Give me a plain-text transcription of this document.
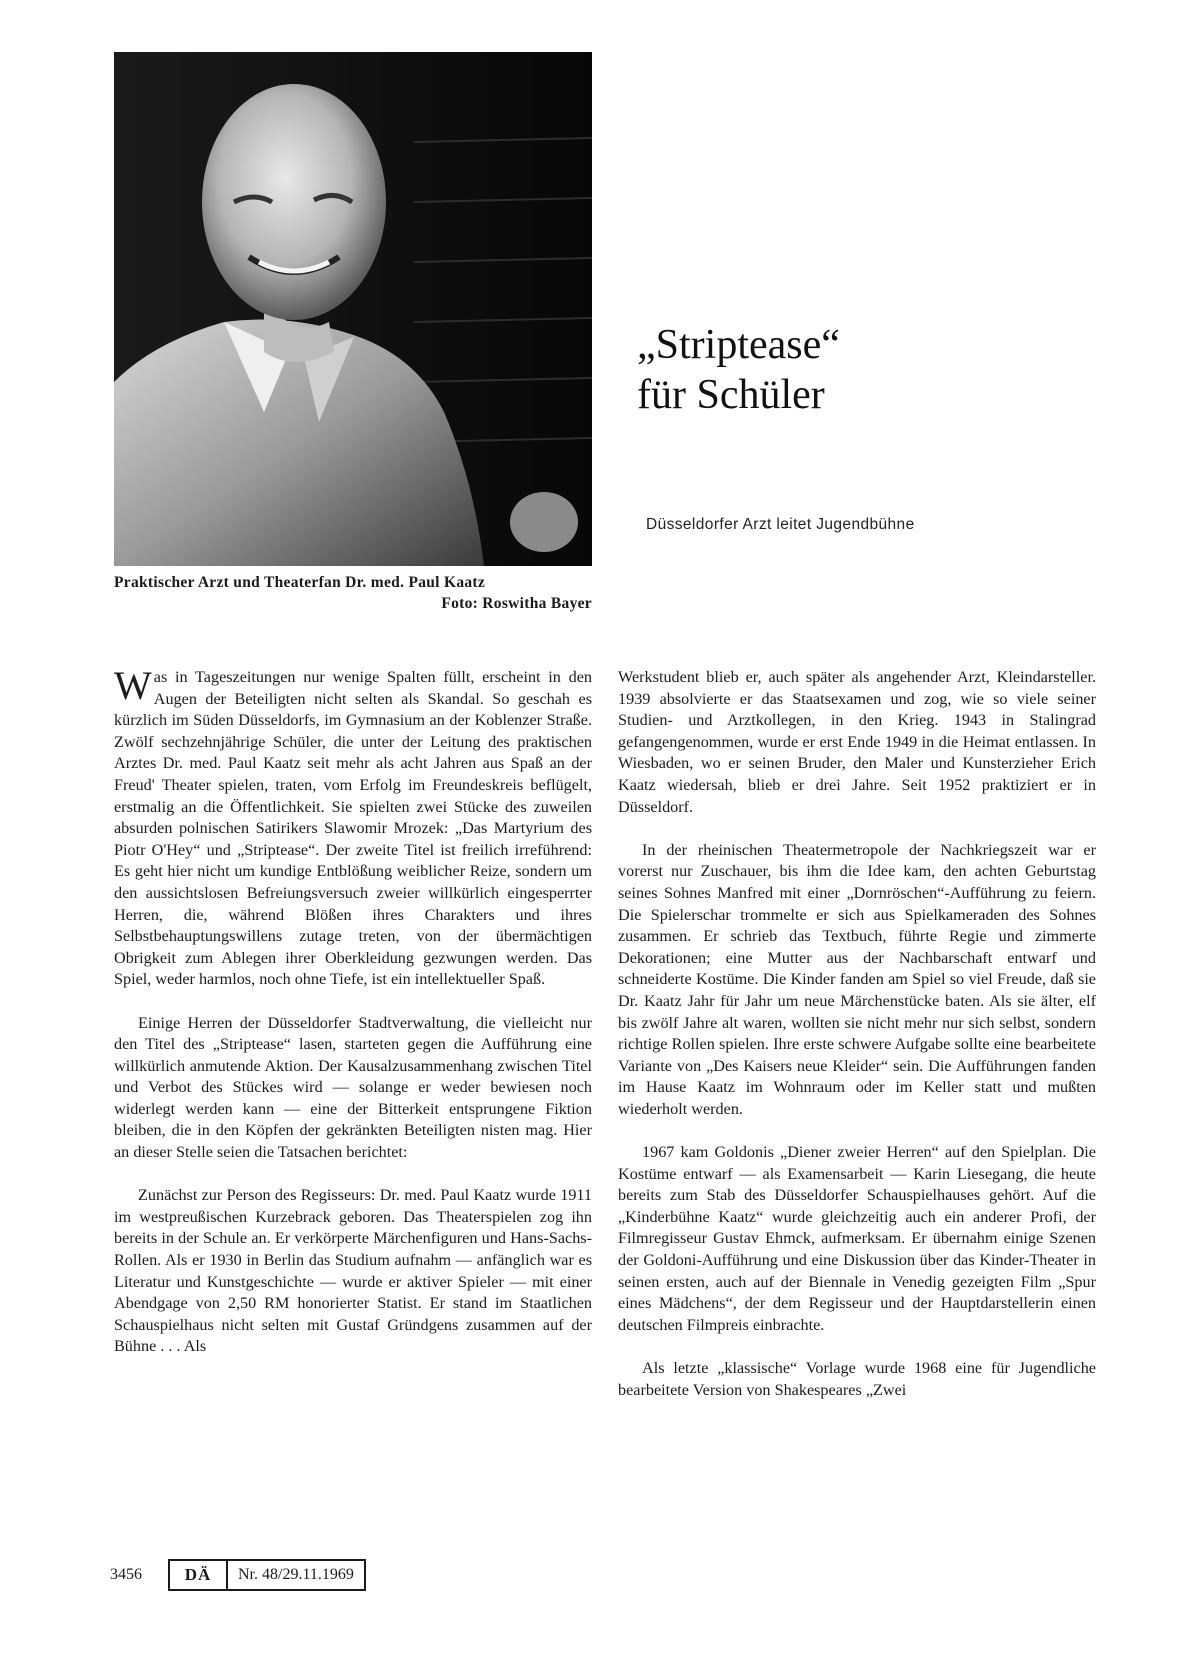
Praktischer Arzt und Theaterfan Dr. med. Paul Kaatz
Foto: Roswitha Bayer
„Striptease“
für Schüler
Düsseldorfer Arzt leitet Jugendbühne

Was in Tageszeitungen nur wenige Spalten füllt, erscheint in den Augen der Beteiligten nicht selten als Skandal. So geschah es kürzlich im Süden Düsseldorfs, im Gymnasium an der Koblenzer Straße. Zwölf sechzehnjährige Schüler, die unter der Leitung des praktischen Arztes Dr. med. Paul Kaatz seit mehr als acht Jahren aus Spaß an der Freud' Theater spielen, traten, vom Erfolg im Freundeskreis beflügelt, erstmalig an die Öffentlichkeit. Sie spielten zwei Stücke des zuweilen absurden polnischen Satirikers Slawomir Mrozek: „Das Martyrium des Piotr O'Hey“ und „Striptease“. Der zweite Titel ist freilich irreführend: Es geht hier nicht um kundige Entblößung weiblicher Reize, sondern um den aussichtslosen Befreiungsversuch zweier willkürlich eingesperrter Herren, die, während Blößen ihres Charakters und ihres Selbstbehauptungswillens zutage treten, von der übermächtigen Obrigkeit zum Ablegen ihrer Oberkleidung gezwungen werden. Das Spiel, weder harmlos, noch ohne Tiefe, ist ein intellektueller Spaß.

Einige Herren der Düsseldorfer Stadtverwaltung, die vielleicht nur den Titel des „Striptease“ lasen, starteten gegen die Aufführung eine willkürlich anmutende Aktion. Der Kausalzusammenhang zwischen Titel und Verbot des Stückes wird — solange er weder bewiesen noch widerlegt werden kann — eine der Bitterkeit entsprungene Fiktion bleiben, die in den Köpfen der gekränkten Beteiligten nisten mag. Hier an dieser Stelle seien die Tatsachen berichtet:

Zunächst zur Person des Regisseurs: Dr. med. Paul Kaatz wurde 1911 im westpreußischen Kurzebrack geboren. Das Theaterspielen zog ihn bereits in der Schule an. Er verkörperte Märchenfiguren und Hans-Sachs-Rollen. Als er 1930 in Berlin das Studium aufnahm — anfänglich war es Literatur und Kunstgeschichte — wurde er aktiver Spieler — mit einer Abendgage von 2,50 RM honorierter Statist. Er stand im Staatlichen Schauspielhaus nicht selten mit Gustaf Gründgens zusammen auf der Bühne . . . Als

Werkstudent blieb er, auch später als angehender Arzt, Kleindarsteller. 1939 absolvierte er das Staatsexamen und zog, wie so viele seiner Studien- und Arztkollegen, in den Krieg. 1943 in Stalingrad gefangengenommen, wurde er erst Ende 1949 in die Heimat entlassen. In Wiesbaden, wo er seinen Bruder, den Maler und Kunsterzieher Erich Kaatz wiedersah, blieb er drei Jahre. Seit 1952 praktiziert er in Düsseldorf.

In der rheinischen Theatermetropole der Nachkriegszeit war er vorerst nur Zuschauer, bis ihm die Idee kam, den achten Geburtstag seines Sohnes Manfred mit einer „Dornröschen“-Aufführung zu feiern. Die Spielerschar trommelte er sich aus Spielkameraden des Sohnes zusammen. Er schrieb das Textbuch, führte Regie und zimmerte Dekorationen; eine Mutter aus der Nachbarschaft entwarf und schneiderte Kostüme. Die Kinder fanden am Spiel so viel Freude, daß sie Dr. Kaatz Jahr für Jahr um neue Märchenstücke baten. Als sie älter, elf bis zwölf Jahre alt waren, wollten sie nicht mehr nur sich selbst, sondern richtige Rollen spielen. Ihre erste schwere Aufgabe sollte eine bearbeitete Variante von „Des Kaisers neue Kleider“ sein. Die Aufführungen fanden im Hause Kaatz im Wohnraum oder im Keller statt und mußten wiederholt werden.

1967 kam Goldonis „Diener zweier Herren“ auf den Spielplan. Die Kostüme entwarf — als Examensarbeit — Karin Liesegang, die heute bereits zum Stab des Düsseldorfer Schauspielhauses gehört. Auf die „Kinderbühne Kaatz“ wurde gleichzeitig auch ein anderer Profi, der Filmregisseur Gustav Ehmck, aufmerksam. Er übernahm einige Szenen der Goldoni-Aufführung und eine Diskussion über das Kinder-Theater in seinen ersten, auch auf der Biennale in Venedig gezeigten Film „Spur eines Mädchens“, der dem Regisseur und der Hauptdarstellerin einen deutschen Filmpreis einbrachte.

Als letzte „klassische“ Vorlage wurde 1968 eine für Jugendliche bearbeitete Version von Shakespeares „Zwei

3456	DÄ	Nr. 48/29.11.1969
